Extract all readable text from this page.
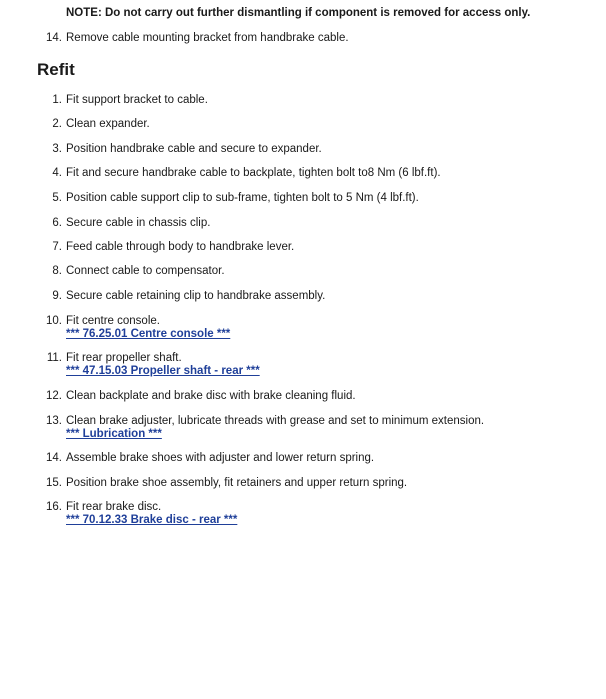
NOTE: Do not carry out further dismantling if component is removed for access only.
14. Remove cable mounting bracket from handbrake cable.
Refit
1. Fit support bracket to cable.
2. Clean expander.
3. Position handbrake cable and secure to expander.
4. Fit and secure handbrake cable to backplate, tighten bolt to8 Nm (6 lbf.ft).
5. Position cable support clip to sub-frame, tighten bolt to 5 Nm (4 lbf.ft).
6. Secure cable in chassis clip.
7. Feed cable through body to handbrake lever.
8. Connect cable to compensator.
9. Secure cable retaining clip to handbrake assembly.
10. Fit centre console.
*** 76.25.01 Centre console ***
11. Fit rear propeller shaft.
*** 47.15.03 Propeller shaft - rear ***
12. Clean backplate and brake disc with brake cleaning fluid.
13. Clean brake adjuster, lubricate threads with grease and set to minimum extension.
*** Lubrication ***
14. Assemble brake shoes with adjuster and lower return spring.
15. Position brake shoe assembly, fit retainers and upper return spring.
16. Fit rear brake disc.
*** 70.12.33 Brake disc - rear ***
